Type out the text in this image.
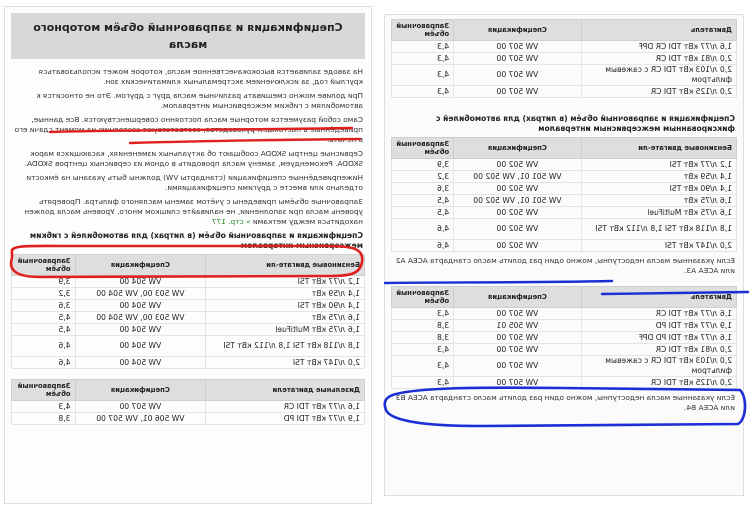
Двигатель	Спецификация	Заправочный объём
1,6 л/77 кВт TDI CR DPF	VW 507 00	4,3
2,0 л/81 кВт TDI CR	VW 507 00	4,3
2,0 л/103 кВт TDI CR с сажевым фильтром	VW 507 00	4,3
2,0 л/125 кВт TDI CR	VW 507 00	4,3
Спецификация и заправочный объём (в литрах) для автомобилей с фиксированным межсервисным интервалом
Бензиновые двигате-ли	Спецификация	Заправочный объём
1,2 л/77 кВт TSI	VW 502 00	3,9
1,4 л/59 кВт	VW 501 01, VW 502 00	3,2
1,4 л/90 кВт TSI	VW 502 00	3,6
1,6 л/75 кВт	VW 501 01, VW 502 00	4,5
1,6 л/75 кВт MultiFuel	VW 502 00	4,5
1,8 л/118 кВт TSI 1,8 л/112 кВт TSI	VW 502 00	4,6
2,0 л/147 кВт TSI	VW 502 00	4,6
Если указанные масла недоступны, можно один раз долить масло стандарта ACEA A2 или ACEA A3.
Двигатель	Спецификация	Заправочный объём
1,6 л/77 кВт TDI CR	VW 507 00	4,3
1,9 л/77 кВт TDI PD	VW 505 01	3,8
1,6 л/77 кВт TDI PD DPF	VW 507 00	3,8
2,0 л/81 кВт TDI CR	VW 507 00	4,3
2,0 л/103 кВт TDI CR с сажевым фильтром	VW 507 00	4,3
2,0 л/125 кВт TDI CR	VW 507 00	4,3
Если указанные масла недоступны, можно один раз долить масло стандарта ACEA B3 или ACEA B4.
Спецификация и заправочный объём моторного масла

На заводе заливается высококачественное масло, которое может использоваться круглый год, за исключением экстремальных климатических зон.

При доливе можно смешивать различные масла друг с другом. Это не относится к автомобилям с гибким межсервисным интервалом.

Само собой разумеется моторные масла постоянно совершенствуются. Все данные, приведённые в настоящем руководстве, соответствуют состоянию на момент сдачи его в печать.

Сервисные центры SKODA сообщают об актуальных изменениях, касающихся марок SKODA. Рекомендуем, замену масла проводить в одном из сервисных центров SKODA.

Нижеприведённые спецификации (стандарты VW) должны быть указаны на ёмкости отдельно или вместе с другими спецификациями.

Заправочные объёмы приведены с учётом замены масляного фильтра. Проверять уровень масла при заполнении, не наливайте слишком много. Уровень масла должен находиться между метками » стр. 177

Спецификация и заправочный объём (в литрах) для автомобилей с гибким межсервисным интервалом
Бензиновые двигате-ли	Спецификация	Заправочный объём
1,2 л/77 кВт TSI	VW 504 00	3,9
1,4 л/59 кВт	VW 503 00, VW 504 00	3,2
1,4 л/90 кВт TSI	VW 504 00	3,6
1,6 л/75 кВт	VW 503 00, VW 504 00	4,5
1,6 л/75 кВт MultiFuel	VW 504 00	4,5
1,8 л/118 кВт TSI 1,8 л/112 кВт TSI	VW 504 00	4,6
2,0 л/147 кВт TSI	VW 504 00	4,6
Дизельные двигатели	Спецификация	Заправочный объём
1,6 л/77 кВт TDI CR	VW 507 00	4,3
1,9 л/77 кВт TDI PD	VW 506 01, VW 507 00	3,8
